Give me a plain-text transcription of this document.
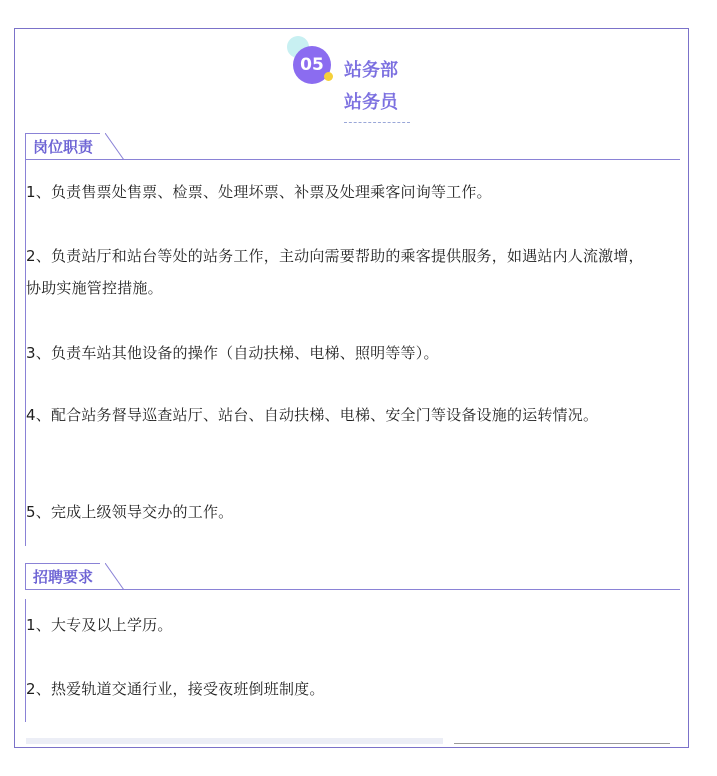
05	站务部
站务员
岗位职责
1、负责售票处售票、检票、处理坏票、补票及处理乘客问询等工作。
2、负责站厅和站台等处的站务工作，主动向需要帮助的乘客提供服务，如遇站内人流激增，协助实施管控措施。
3、负责车站其他设备的操作（自动扶梯、电梯、照明等等）。
4、配合站务督导巡查站厅、站台、自动扶梯、电梯、安全门等设备设施的运转情况。
5、完成上级领导交办的工作。
招聘要求
1、大专及以上学历。
2、热爱轨道交通行业，接受夜班倒班制度。
